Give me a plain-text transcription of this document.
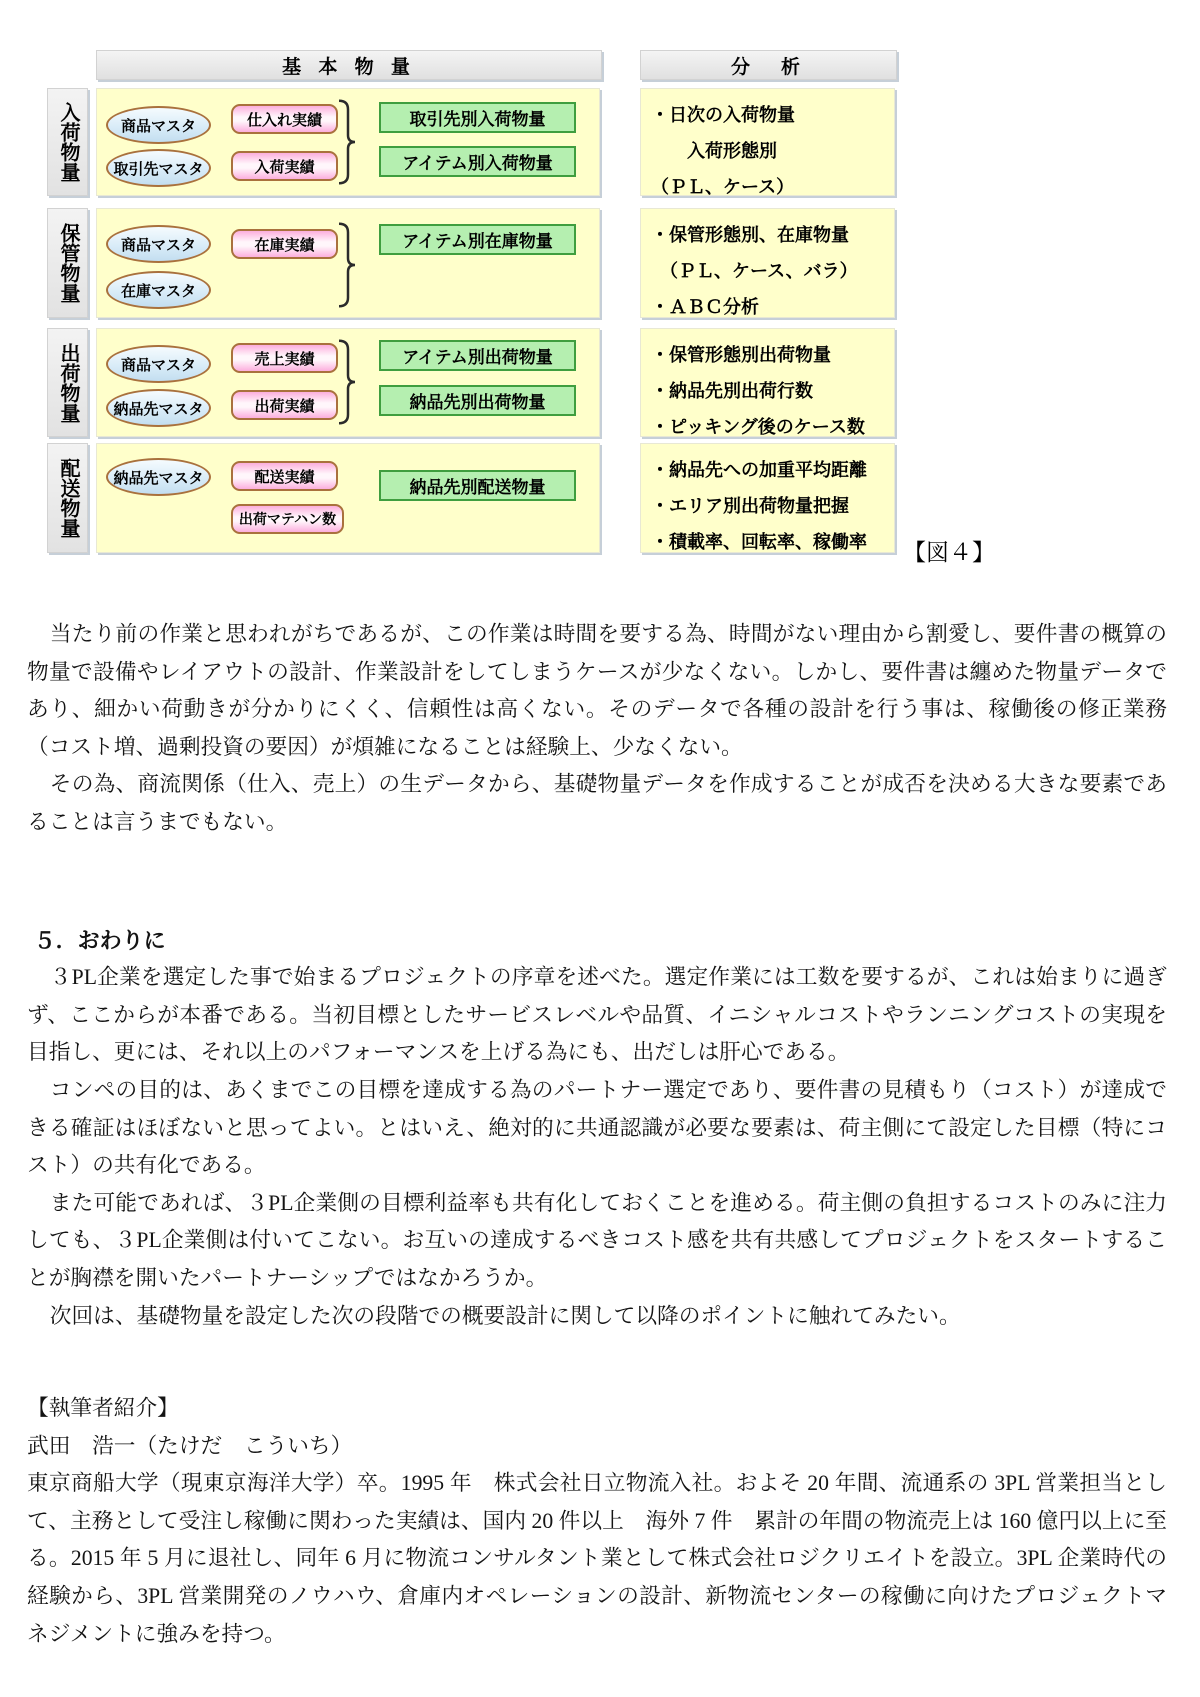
基 本 物 量	分　析
入荷物量	商品マスタ
取引先マスタ
仕入れ実績
入荷実績
取引先別入荷物量
アイテム別入荷物量
・日次の入荷物量
　　入荷形態別
（ＰＬ、ケース）
保管物量	商品マスタ
在庫マスタ
在庫実績	アイテム別在庫物量	・保管形態別、在庫物量
　（ＰＬ、ケース、バラ）
・ＡＢＣ分析
出荷物量	商品マスタ
納品先マスタ
売上実績
出荷実績
アイテム別出荷物量
納品先別出荷物量
・保管形態別出荷物量
・納品先別出荷行数
・ピッキング後のケース数
配送物量	納品先マスタ	配送実績
出荷マテハン数
納品先別配送物量
・納品先への加重平均距離
・エリア別出荷物量把握
・積載率、回転率、稼働率	【図４】

当たり前の作業と思われがちであるが、この作業は時間を要する為、時間がない理由から割愛し、要件書の概算の物量で設備やレイアウトの設計、作業設計をしてしまうケースが少なくない。しかし、要件書は纏めた物量データであり、細かい荷動きが分かりにくく、信頼性は高くない。そのデータで各種の設計を行う事は、稼働後の修正業務（コスト増、過剰投資の要因）が煩雑になることは経験上、少なくない。

その為、商流関係（仕入、売上）の生データから、基礎物量データを作成することが成否を決める大きな要素であることは言うまでもない。

５．おわりに

３PL企業を選定した事で始まるプロジェクトの序章を述べた。選定作業には工数を要するが、これは始まりに過ぎず、ここからが本番である。当初目標としたサービスレベルや品質、イニシャルコストやランニングコストの実現を目指し、更には、それ以上のパフォーマンスを上げる為にも、出だしは肝心である。

コンペの目的は、あくまでこの目標を達成する為のパートナー選定であり、要件書の見積もり（コスト）が達成できる確証はほぼないと思ってよい。とはいえ、絶対的に共通認識が必要な要素は、荷主側にて設定した目標（特にコスト）の共有化である。

また可能であれば、３PL企業側の目標利益率も共有化しておくことを進める。荷主側の負担するコストのみに注力しても、３PL企業側は付いてこない。お互いの達成するべきコスト感を共有共感してプロジェクトをスタートすることが胸襟を開いたパートナーシップではなかろうか。

次回は、基礎物量を設定した次の段階での概要設計に関して以降のポイントに触れてみたい。

【執筆者紹介】
武田　浩一（たけだ　こういち）

東京商船大学（現東京海洋大学）卒。1995 年　株式会社日立物流入社。およそ 20 年間、流通系の 3PL 営業担当として、主務として受注し稼働に関わった実績は、国内 20 件以上　海外 7 件　累計の年間の物流売上は 160 億円以上に至る。2015 年 5 月に退社し、同年 6 月に物流コンサルタント業として株式会社ロジクリエイトを設立。3PL 企業時代の経験から、3PL 営業開発のノウハウ、倉庫内オペレーションの設計、新物流センターの稼働に向けたプロジェクトマネジメントに強みを持つ。
